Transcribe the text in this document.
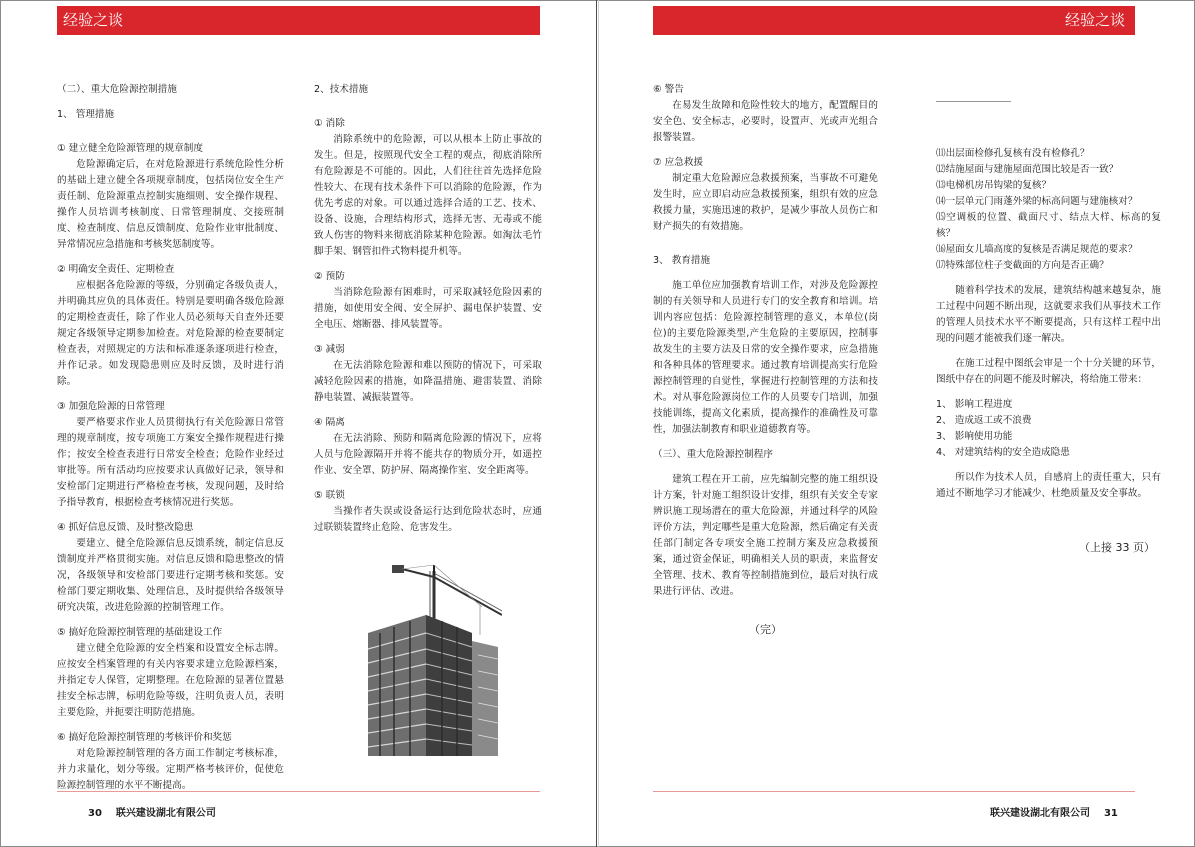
经验之谈	经验之谈

（二）、重大危险源控制措施

1、 管理措施

① 建立健全危险源管理的规章制度

危险源确定后，在对危险源进行系统危险性分析的基础上建立健全各项规章制度，包括岗位安全生产责任制、危险源重点控制实施细则、安全操作规程、操作人员培训考核制度、日常管理制度、交接班制度、检查制度、信息反馈制度、危险作业审批制度、异常情况应急措施和考核奖惩制度等。

② 明确安全责任、定期检查

应根据各危险源的等级，分别确定各级负责人，并明确其应负的具体责任。特别是要明确各级危险源的定期检查责任，除了作业人员必须每天自查外还要规定各级领导定期参加检查。对危险源的检查要制定检查表，对照规定的方法和标准逐条逐项进行检查，并作记录。如发现隐患则应及时反馈，及时进行消除。

③ 加强危险源的日常管理

要严格要求作业人员贯彻执行有关危险源日常管理的规章制度，按专项施工方案安全操作规程进行操作；按安全检查表进行日常安全检查；危险作业经过审批等。所有活动均应按要求认真做好记录，领导和安检部门定期进行严格检查考核，发现问题，及时给予指导教育，根据检查考核情况进行奖惩。

④ 抓好信息反馈、及时整改隐患

要建立、健全危险源信息反馈系统，制定信息反馈制度并严格贯彻实施。对信息反馈和隐患整改的情况，各级领导和安检部门要进行定期考核和奖惩。安检部门要定期收集、处理信息，及时提供给各级领导研究决策，改进危险源的控制管理工作。

⑤ 搞好危险源控制管理的基础建设工作

建立健全危险源的安全档案和设置安全标志牌。应按安全档案管理的有关内容要求建立危险源档案，并指定专人保管，定期整理。在危险源的显著位置悬挂安全标志牌，标明危险等级，注明负责人员，表明主要危险，并扼要注明防范措施。

⑥ 搞好危险源控制管理的考核评价和奖惩

对危险源控制管理的各方面工作制定考核标准，并力求量化，划分等级。定期严格考核评价，促使危险源控制管理的水平不断提高。

2、技术措施

① 消除

消除系统中的危险源，可以从根本上防止事故的发生。但是，按照现代安全工程的观点，彻底消除所有危险源是不可能的。因此，人们往往首先选择危险性较大、在现有技术条件下可以消除的危险源，作为优先考虑的对象。可以通过选择合适的工艺、技术、设备、设施，合理结构形式，选择无害、无毒或不能致人伤害的物料来彻底消除某种危险源。如淘汰毛竹脚手架、钢管扣件式物料提升机等。

② 预防

当消除危险源有困难时，可采取减轻危险因素的措施，如使用安全阀、安全屏护、漏电保护装置、安全电压、熔断器、排风装置等。

③ 减弱

在无法消除危险源和难以预防的情况下，可采取减轻危险因素的措施，如降温措施、避雷装置、消除静电装置、减振装置等。

④ 隔离

在无法消除、预防和隔离危险源的情况下，应将人员与危险源隔开并将不能共存的物质分开，如遥控作业、安全罩、防护屏、隔离操作室、安全距离等。

⑤ 联锁

当操作者失误或设备运行达到危险状态时，应通过联锁装置终止危险、危害发生。

⑥ 警告

在易发生故障和危险性较大的地方，配置醒目的安全色、安全标志，必要时，设置声、光或声光组合报警装置。

⑦ 应急救援

制定重大危险源应急救援预案，当事故不可避免发生时，应立即启动应急救援预案，组织有效的应急救援力量，实施迅速的救护，是减少事故人员伤亡和财产损失的有效措施。

3、 教育措施

施工单位应加强教育培训工作，对涉及危险源控制的有关领导和人员进行专门的安全教育和培训。培训内容应包括：危险源控制管理的意义，本单位(岗位)的主要危险源类型,产生危险的主要原因，控制事故发生的主要方法及日常的安全操作要求，应急措施和各种具体的管理要求。通过教育培训提高实行危险源控制管理的自觉性，掌握进行控制管理的方法和技术。对从事危险源岗位工作的人员要专门培训，加强技能训练，提高文化素质，提高操作的准确性及可靠性，加强法制教育和职业道德教育等。

（三）、重大危险源控制程序

建筑工程在开工前，应先编制完整的施工组织设计方案，针对施工组织设计安排，组织有关安全专家辨识施工现场潜在的重大危险源，并通过科学的风险评价方法，判定哪些是重大危险源，然后确定有关责任部门制定各专项安全施工控制方案及应急救援预案，通过资金保证，明确相关人员的职责，来监督安全管理、技术、教育等控制措施到位，最后对执行成果进行评估、改进。

（完）

⑾出层面检修孔复核有没有检修孔？
⑿结施屋面与建施屋面范围比较是否一致？
⒀电梯机房吊钩梁的复核？
⒁一层单元门雨蓬外梁的标高问题与建施核对？
⒂空调板的位置、截面尺寸、结点大样、标高的复核？
⒃屋面女儿墙高度的复核是否满足规范的要求？
⒄特殊部位柱子变截面的方向是否正确？

随着科学技术的发展，建筑结构越来越复杂，施工过程中问题不断出现，这就要求我们从事技术工作的管理人员技术水平不断要提高，只有这样工程中出现的问题才能被我们逐一解决。

在施工过程中图纸会审是一个十分关键的环节，图纸中存在的问题不能及时解决，将给施工带来：

1、 影响工程进度
2、 造成返工或不浪费
3、 影响使用功能
4、 对建筑结构的安全造成隐患

所以作为技术人员，自感肩上的责任重大，只有通过不断地学习才能减少、杜绝质量及安全事故。

（上接 33 页）

30 联兴建设湖北有限公司	联兴建设湖北有限公司 31
